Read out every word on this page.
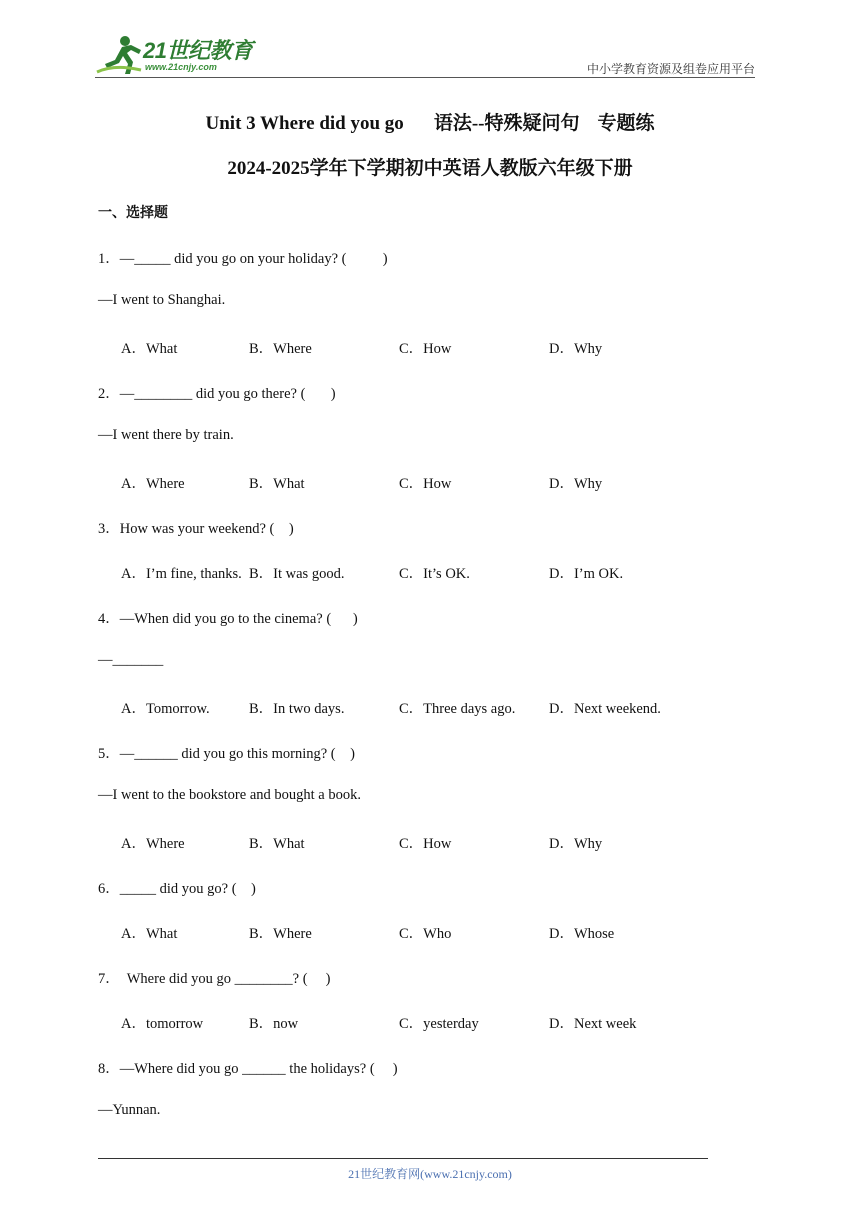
21世纪教育
www.21cnjy.com	中小学教育资源及组卷应用平台
Unit 3 Where did you go 语法--特殊疑问句 专题练
2024-2025学年下学期初中英语人教版六年级下册
一、选择题
1．—_____ did you go on your holiday? (          )
—I went to Shanghai.
A．What	B．Where	C．How	D．Why
2．—________ did you go there? (       )
—I went there by train.
A．Where	B．What	C．How	D．Why
3．How was your weekend? (    )
A．I’m fine, thanks. B．It was good.	C．It’s OK.	D．I’m OK.
4．—When did you go to the cinema? (      )
—_______
A．Tomorrow.	B．In two days.	C．Three days ago. D．Next weekend.
5．—______ did you go this morning? (    )
—I went to the bookstore and bought a book.
A．Where	B．What	C．How	D．Why
6．_____ did you go? (    )
A．What	B．Where	C．Who	D．Whose
7．  Where did you go ________? (     )
A．tomorrow	B．now	C．yesterday	D．Next week
8．—Where did you go ______ the holidays? (     )
—Yunnan.
21世纪教育网(www.21cnjy.com)
